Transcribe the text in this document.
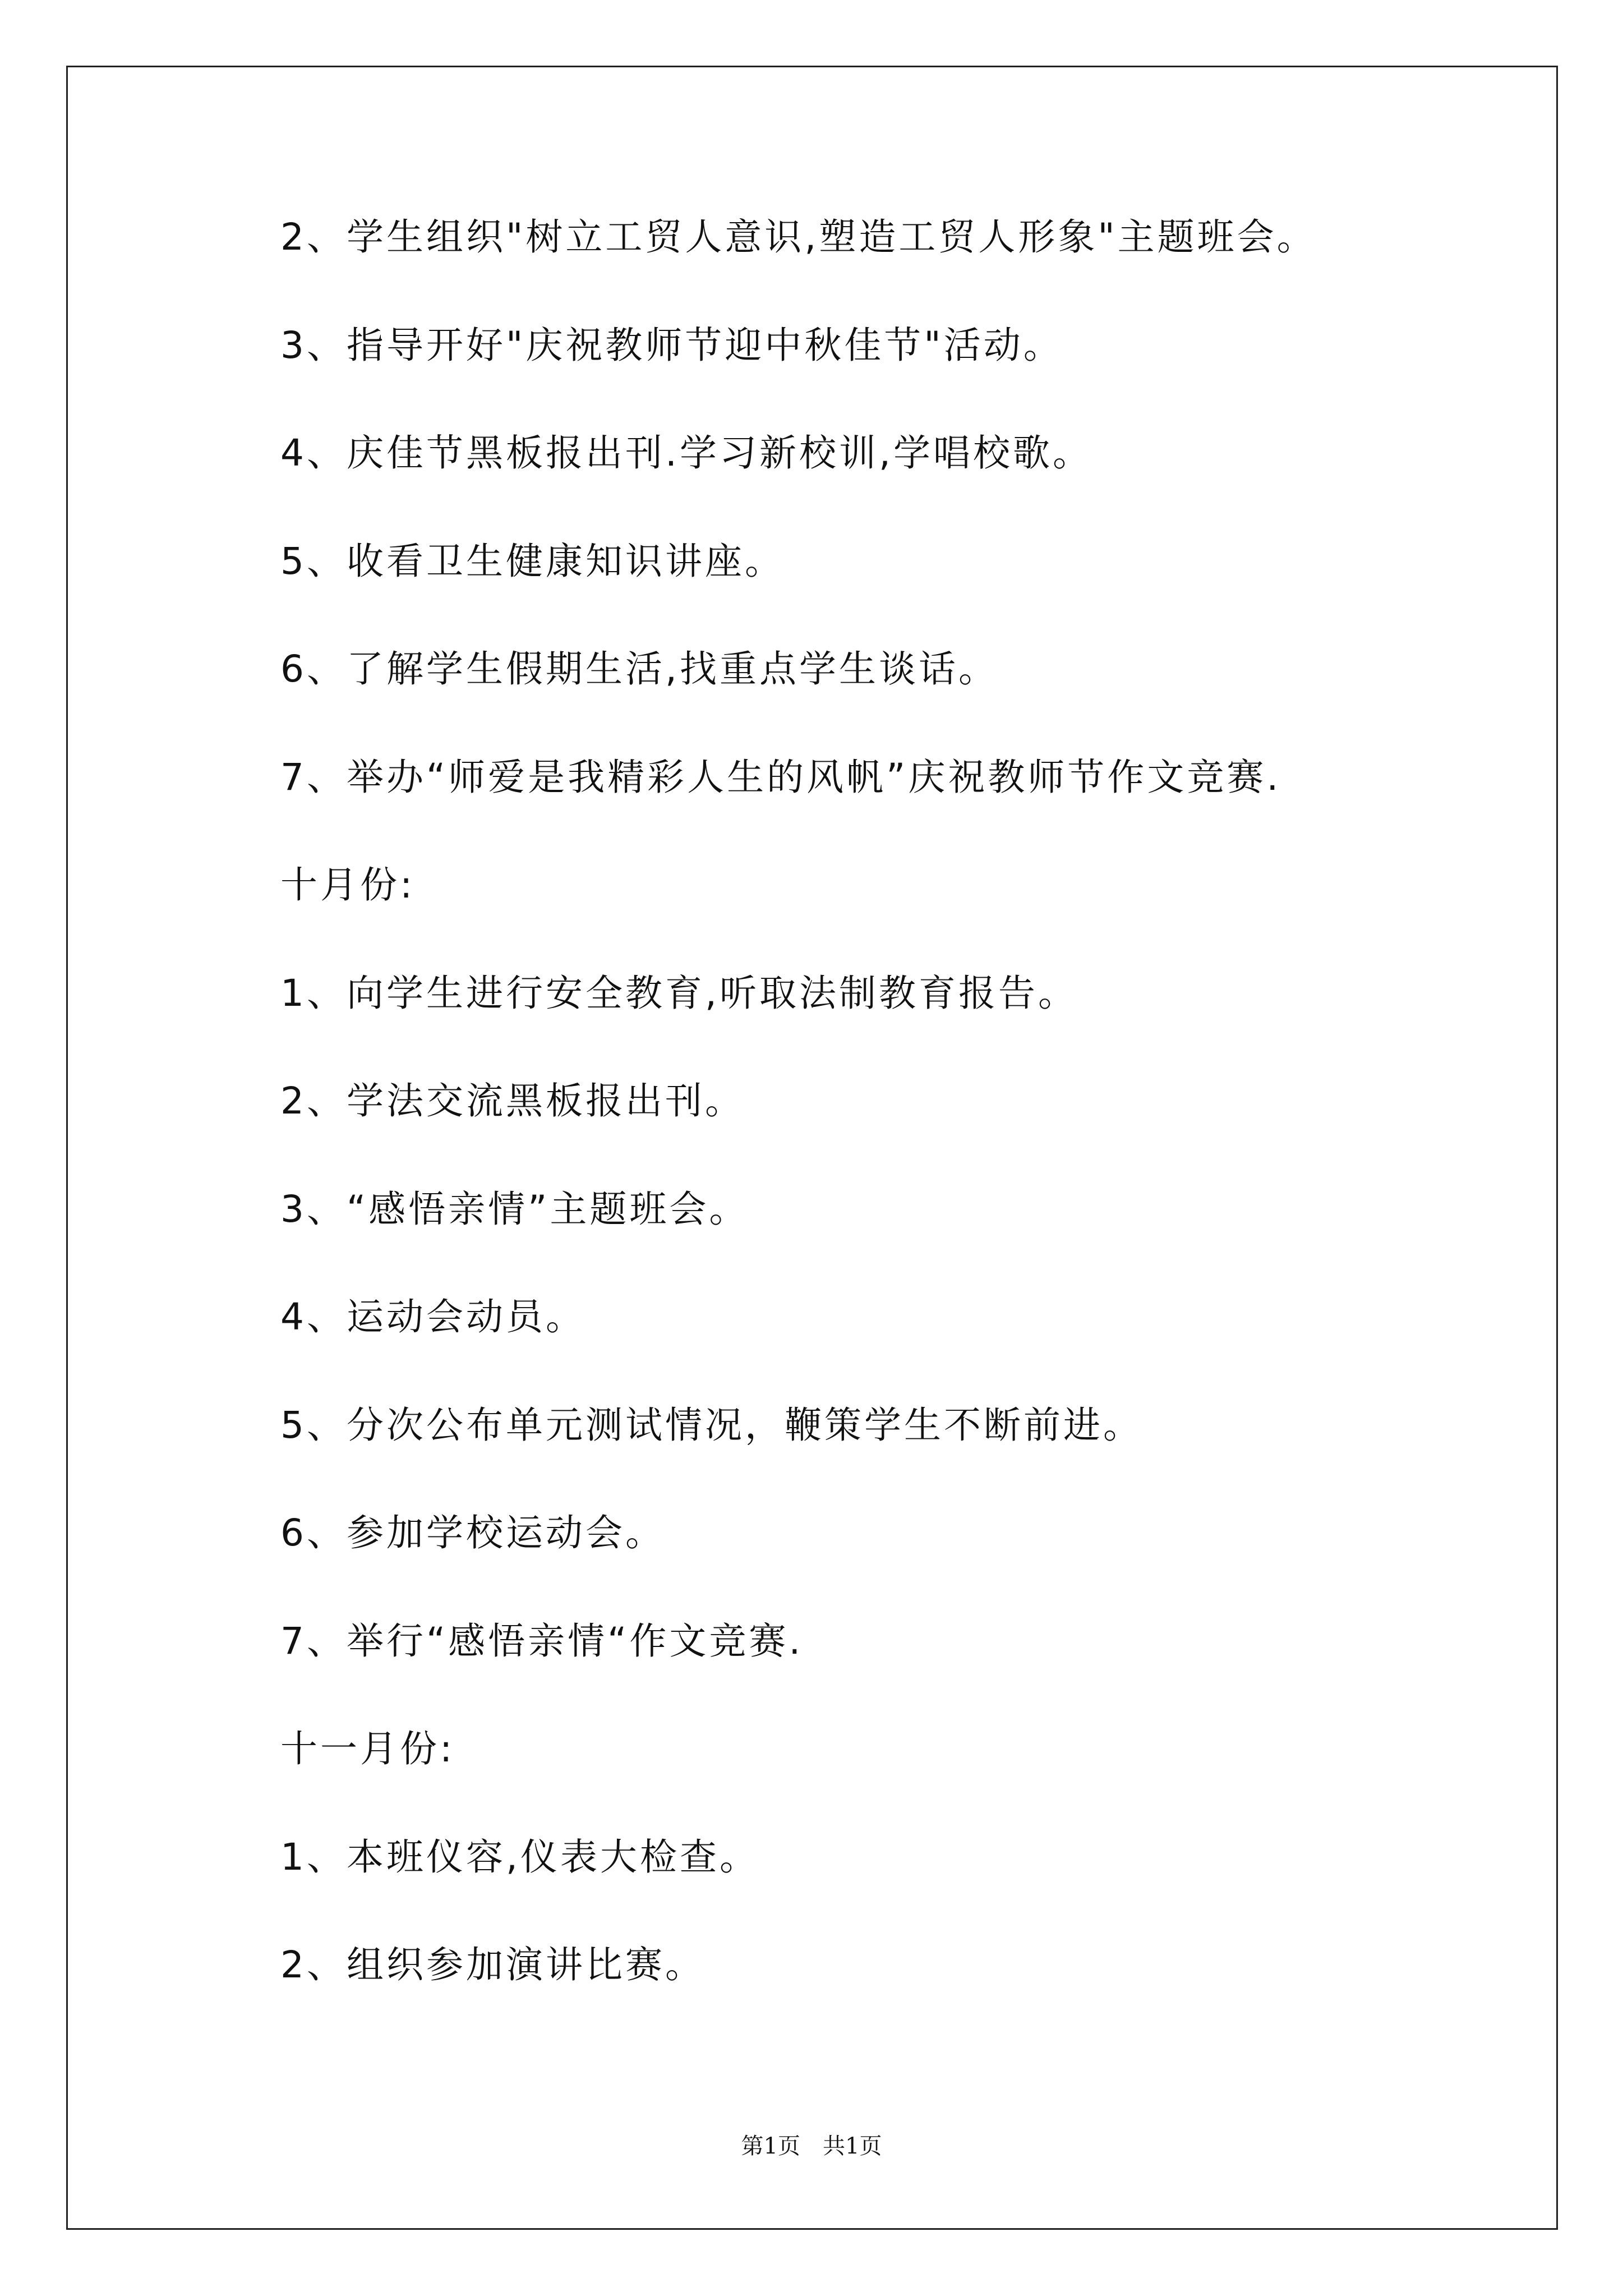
2、学生组织"树立工贸人意识,塑造工贸人形象"主题班会。
3、指导开好"庆祝教师节迎中秋佳节"活动。
4、庆佳节黑板报出刊.学习新校训,学唱校歌。
5、收看卫生健康知识讲座。
6、了解学生假期生活,找重点学生谈话。
7、举办“师爱是我精彩人生的风帆”庆祝教师节作文竞赛.
十月份:
1、向学生进行安全教育,听取法制教育报告。
2、学法交流黑板报出刊。
3、“感悟亲情”主题班会。
4、运动会动员。
5、分次公布单元测试情况，鞭策学生不断前进。
6、参加学校运动会。
7、举行“感悟亲情“作文竞赛.
十一月份:
1、本班仪容,仪表大检查。
2、组织参加演讲比赛。
第1页　共1页
